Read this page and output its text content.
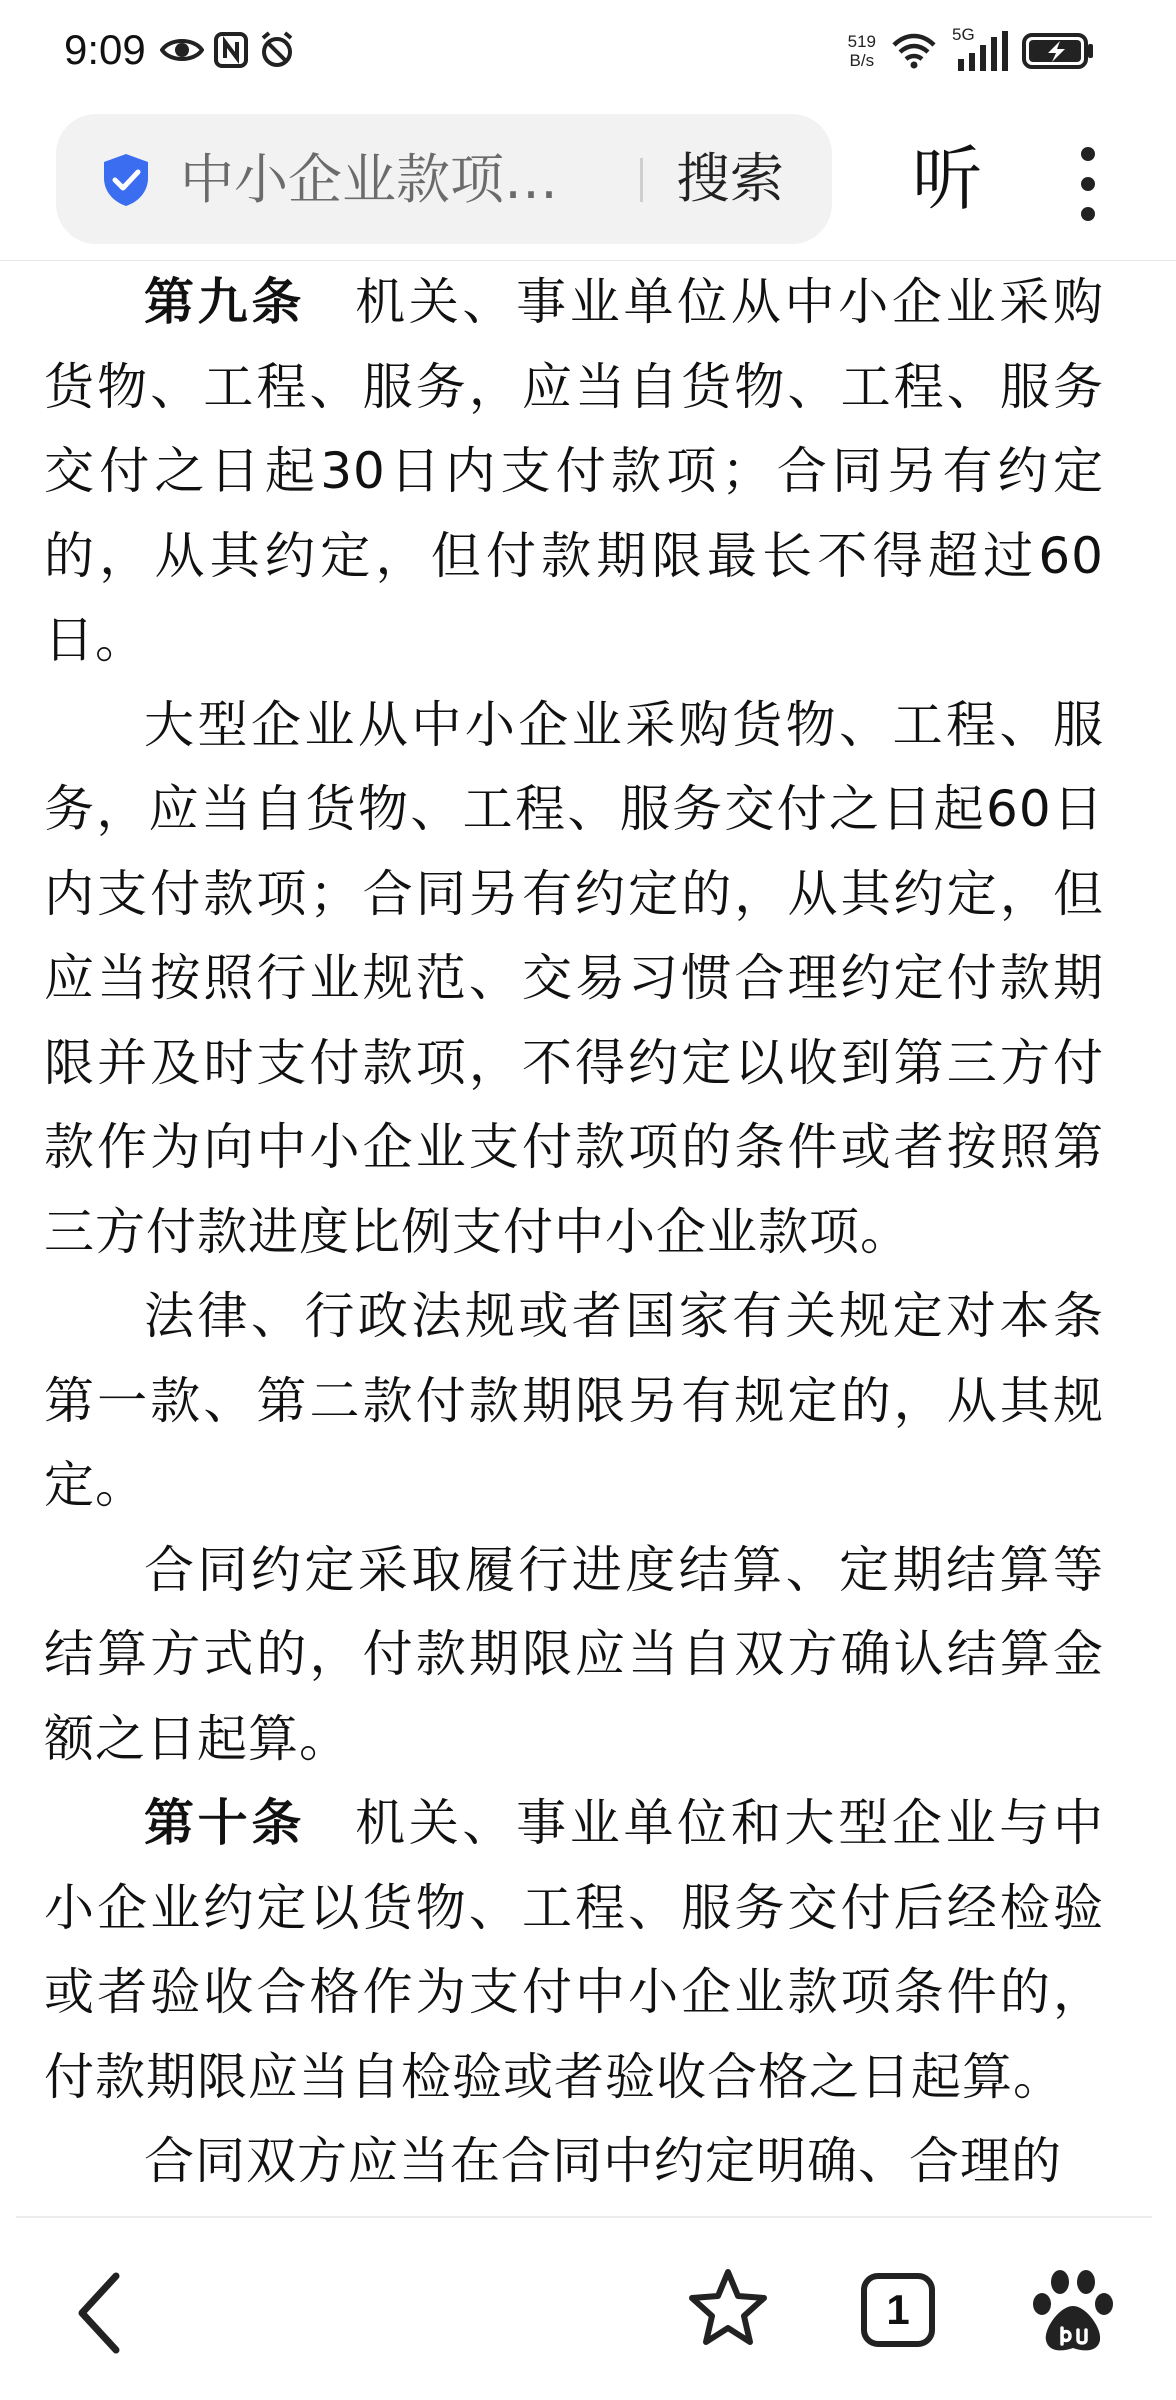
9:09	519
B/s
5G
中小企业款项…	搜索 听

第九条 机关、事业单位从中小企业采购货物、工程、服务，应当自货物、工程、服务交付之日起30日内支付款项；合同另有约定的，从其约定，但付款期限最长不得超过60日。

大型企业从中小企业采购货物、工程、服务，应当自货物、工程、服务交付之日起60日内支付款项；合同另有约定的，从其约定，但应当按照行业规范、交易习惯合理约定付款期限并及时支付款项，不得约定以收到第三方付款作为向中小企业支付款项的条件或者按照第三方付款进度比例支付中小企业款项。

法律、行政法规或者国家有关规定对本条第一款、第二款付款期限另有规定的，从其规定。

合同约定采取履行进度结算、定期结算等结算方式的，付款期限应当自双方确认结算金额之日起算。

第十条 机关、事业单位和大型企业与中小企业约定以货物、工程、服务交付后经检验或者验收合格作为支付中小企业款项条件的，付款期限应当自检验或者验收合格之日起算。

合同双方应当在合同中约定明确、合理的

1
